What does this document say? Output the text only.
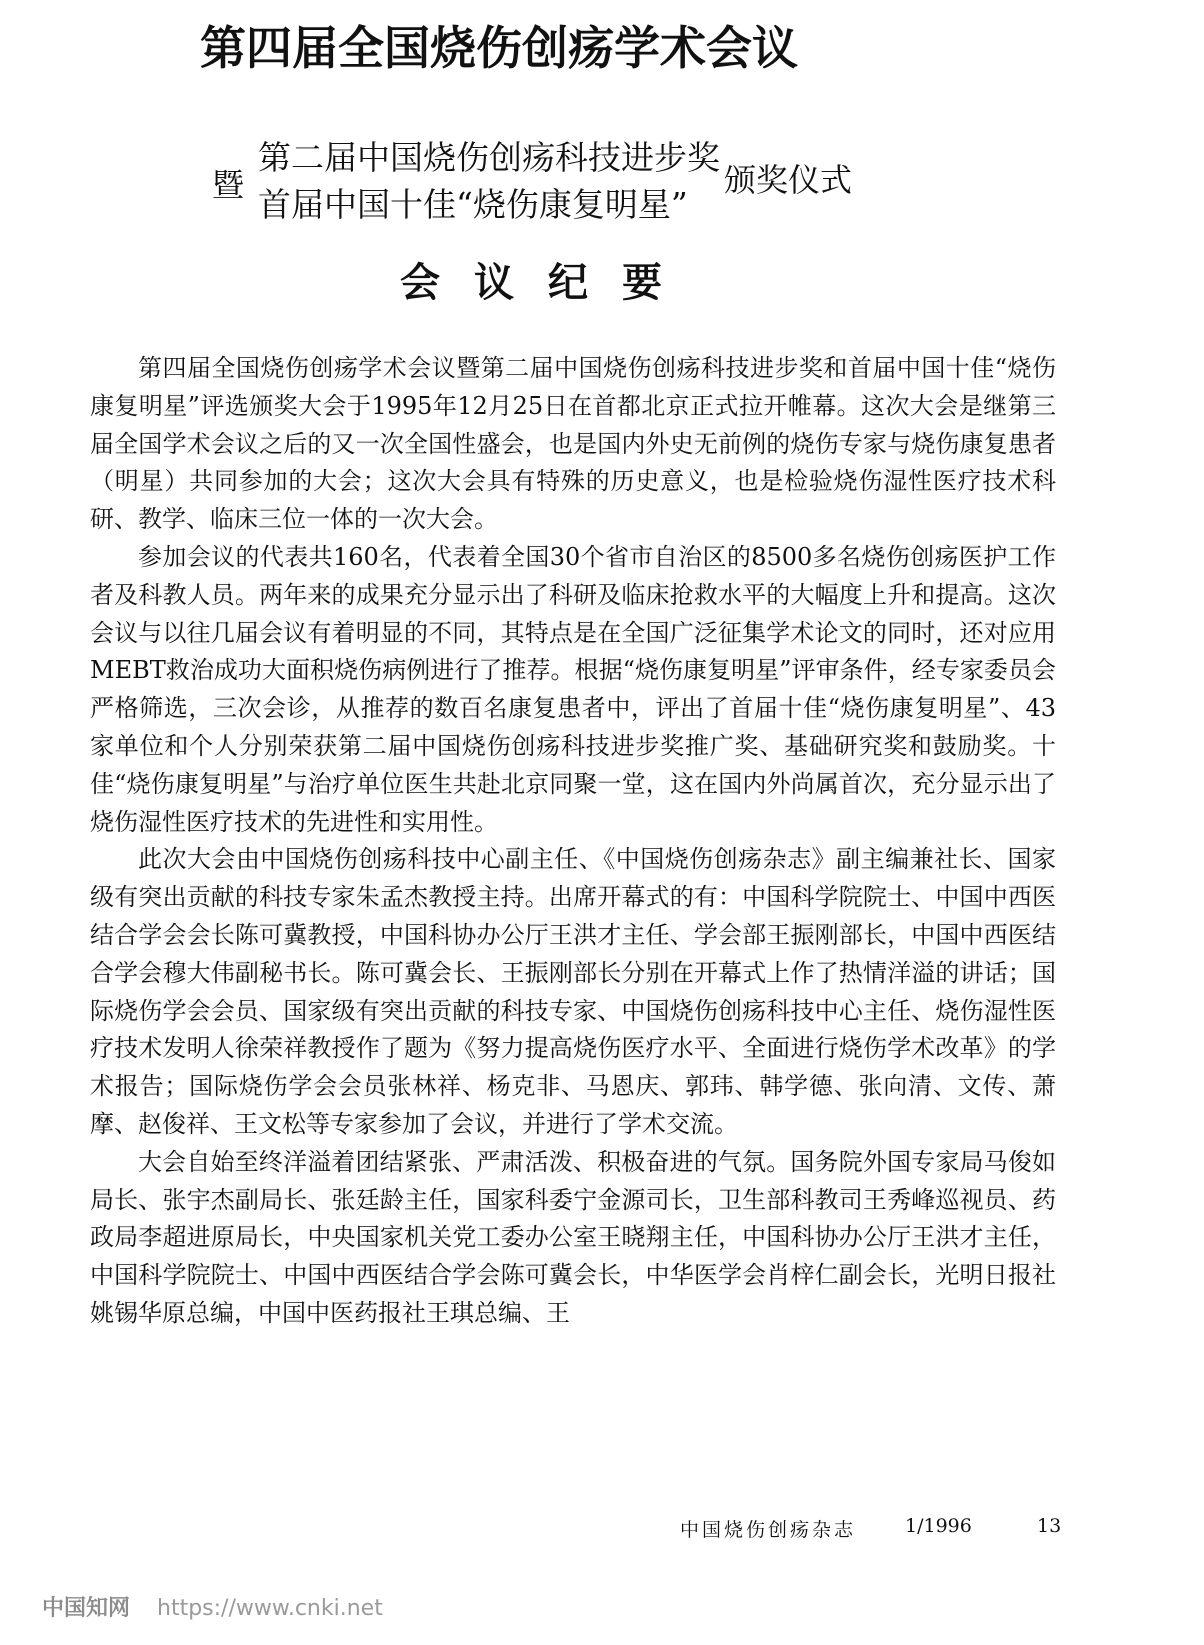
第四届全国烧伤创疡学术会议
暨
第二届中国烧伤创疡科技进步奖
首届中国十佳“烧伤康复明星”
颁奖仪式
会议纪要

第四届全国烧伤创疡学术会议暨第二届中国烧伤创疡科技进步奖和首届中国十佳“烧伤康复明星”评选颁奖大会于1995年12月25日在首都北京正式拉开帷幕。这次大会是继第三届全国学术会议之后的又一次全国性盛会，也是国内外史无前例的烧伤专家与烧伤康复患者（明星）共同参加的大会；这次大会具有特殊的历史意义，也是检验烧伤湿性医疗技术科研、教学、临床三位一体的一次大会。

参加会议的代表共160名，代表着全国30个省市自治区的8500多名烧伤创疡医护工作者及科教人员。两年来的成果充分显示出了科研及临床抢救水平的大幅度上升和提高。这次会议与以往几届会议有着明显的不同，其特点是在全国广泛征集学术论文的同时，还对应用MEBT救治成功大面积烧伤病例进行了推荐。根据“烧伤康复明星”评审条件，经专家委员会严格筛选，三次会诊，从推荐的数百名康复患者中，评出了首届十佳“烧伤康复明星”、43家单位和个人分别荣获第二届中国烧伤创疡科技进步奖推广奖、基础研究奖和鼓励奖。十佳“烧伤康复明星”与治疗单位医生共赴北京同聚一堂，这在国内外尚属首次，充分显示出了烧伤湿性医疗技术的先进性和实用性。

此次大会由中国烧伤创疡科技中心副主任、《中国烧伤创疡杂志》副主编兼社长、国家级有突出贡献的科技专家朱孟杰教授主持。出席开幕式的有：中国科学院院士、中国中西医结合学会会长陈可冀教授，中国科协办公厅王洪才主任、学会部王振刚部长，中国中西医结合学会穆大伟副秘书长。陈可冀会长、王振刚部长分别在开幕式上作了热情洋溢的讲话；国际烧伤学会会员、国家级有突出贡献的科技专家、中国烧伤创疡科技中心主任、烧伤湿性医疗技术发明人徐荣祥教授作了题为《努力提高烧伤医疗水平、全面进行烧伤学术改革》的学术报告；国际烧伤学会会员张林祥、杨克非、马恩庆、郭玮、韩学德、张向清、文传、萧摩、赵俊祥、王文松等专家参加了会议，并进行了学术交流。

大会自始至终洋溢着团结紧张、严肃活泼、积极奋进的气氛。国务院外国专家局马俊如局长、张宇杰副局长、张廷龄主任，国家科委宁金源司长，卫生部科教司王秀峰巡视员、药政局李超进原局长，中央国家机关党工委办公室王晓翔主任，中国科协办公厅王洪才主任，中国科学院院士、中国中西医结合学会陈可冀会长，中华医学会肖梓仁副会长，光明日报社姚锡华原总编，中国中医药报社王琪总编、王

中国烧伤创疡杂志	1/1996	13
中国知网 https://www.cnki.net
